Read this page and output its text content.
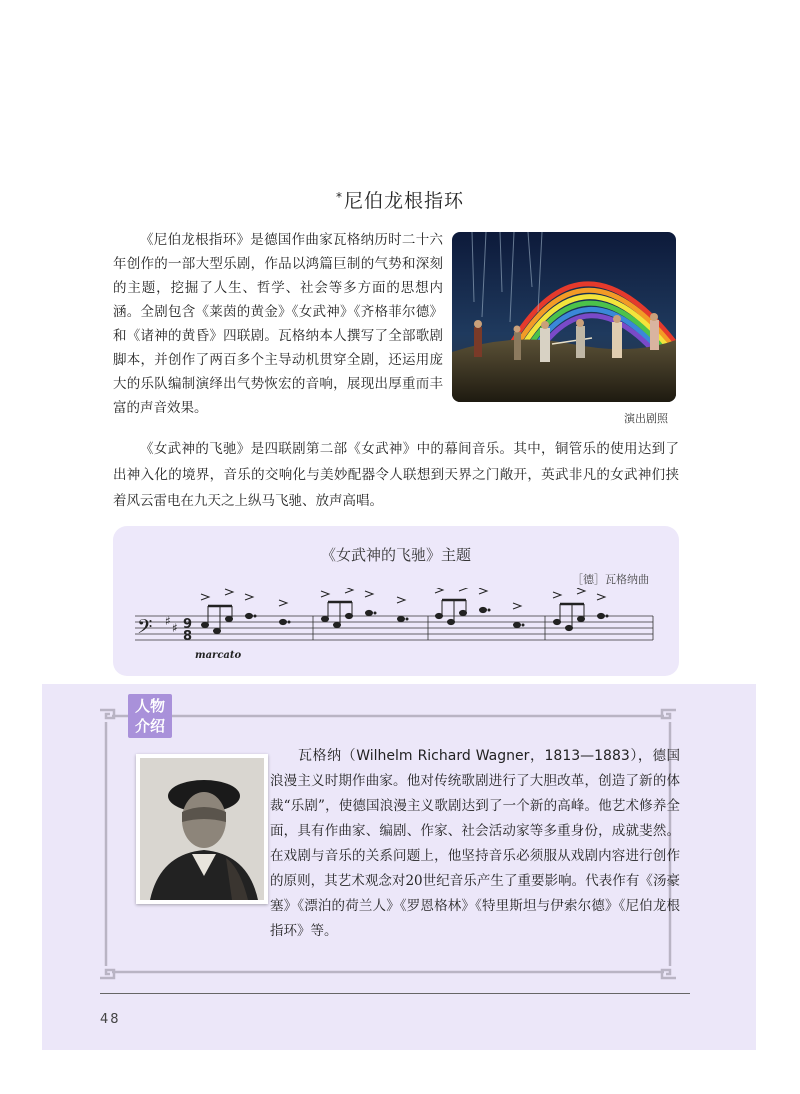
*尼伯龙根指环

《尼伯龙根指环》是德国作曲家瓦格纳历时二十六年创作的一部大型乐剧，作品以鸿篇巨制的气势和深刻的主题，挖掘了人生、哲学、社会等多方面的思想内涵。全剧包含《莱茵的黄金》《女武神》《齐格菲尔德》和《诸神的黄昏》四联剧。瓦格纳本人撰写了全部歌剧脚本，并创作了两百多个主导动机贯穿全剧，还运用庞大的乐队编制演绎出气势恢宏的音响，展现出厚重而丰富的声音效果。

演出剧照

《女武神的飞驰》是四联剧第二部《女武神》中的幕间音乐。其中，铜管乐的使用达到了出神入化的境界，音乐的交响化与美妙配器令人联想到天界之门敞开，英武非凡的女武神们挟着风云雷电在九天之上纵马飞驰、放声高唱。

《女武神的飞驰》主题
［德］瓦格纳曲
𝄢 ♯ ♯ 9
8
marcato
人物
介绍

瓦格纳（Wilhelm Richard Wagner，1813—1883），德国浪漫主义时期作曲家。他对传统歌剧进行了大胆改革，创造了新的体裁“乐剧”，使德国浪漫主义歌剧达到了一个新的高峰。他艺术修养全面，具有作曲家、编剧、作家、社会活动家等多重身份，成就斐然。在戏剧与音乐的关系问题上，他坚持音乐必须服从戏剧内容进行创作的原则，其艺术观念对20世纪音乐产生了重要影响。代表作有《汤豪塞》《漂泊的荷兰人》《罗恩格林》《特里斯坦与伊索尔德》《尼伯龙根指环》等。

48
